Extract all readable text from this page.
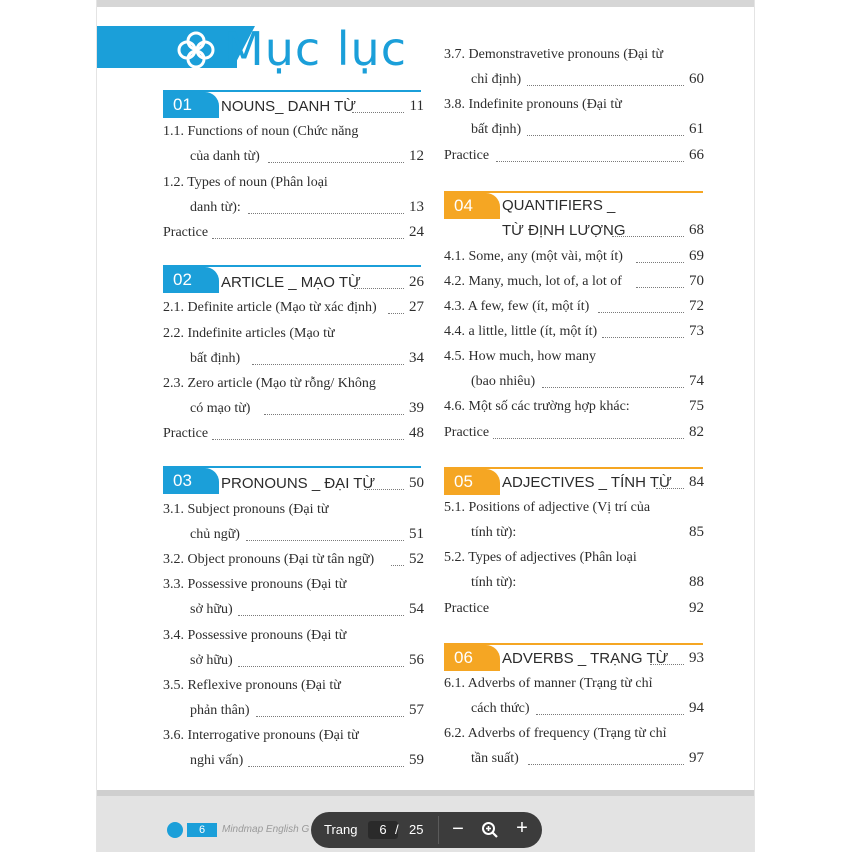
Mục lục
01	NOUNS_ DANH TỪ	11
1.1. Functions of noun (Chức năng
của danh từ)	12
1.2. Types of noun (Phân loại
danh từ):	13
Practice	24
02	ARTICLE _ MẠO TỪ	26
2.1. Definite article (Mạo từ xác định)	27
2.2. Indefinite articles (Mạo từ
bất định)	34
2.3. Zero article (Mạo từ rỗng/ Không
có mạo từ)	39
Practice	48
03	PRONOUNS _ ĐẠI TỪ	50
3.1. Subject pronouns (Đại từ
chủ ngữ)	51
3.2. Object pronouns (Đại từ tân ngữ)	52
3.3. Possessive pronouns (Đại từ
sở hữu)	54
3.4. Possessive pronouns (Đại từ
sở hữu)	56
3.5. Reflexive pronouns (Đại từ
phản thân)	57
3.6. Interrogative pronouns (Đại từ
nghi vấn)	59
3.7. Demonstravetive pronouns (Đại từ
chỉ định)	60
3.8. Indefinite pronouns (Đại từ
bất định)	61
Practice	66
04	QUANTIFIERS _
TỪ ĐỊNH LƯỢNG	68
4.1. Some, any (một vài, một ít)	69
4.2. Many, much, lot of, a lot of	70
4.3. A few, few (ít, một ít)	72
4.4. a little, little (ít, một ít)	73
4.5. How much, how many
(bao nhiêu)	74
4.6. Một số các trường hợp khác:	75
Practice	82
05	ADJECTIVES _ TÍNH TỪ	84
5.1. Positions of adjective (Vị trí của
tính từ):	85
5.2. Types of adjectives (Phân loại
tính từ):	88
Practice	92
06	ADVERBS _ TRẠNG TỪ	93
6.1. Adverbs of manner (Trạng từ chỉ
cách thức)	94
6.2. Adverbs of frequency (Trạng từ chỉ
tần suất)	97
6	Mindmap English G Trang	6 / 25 −	+
